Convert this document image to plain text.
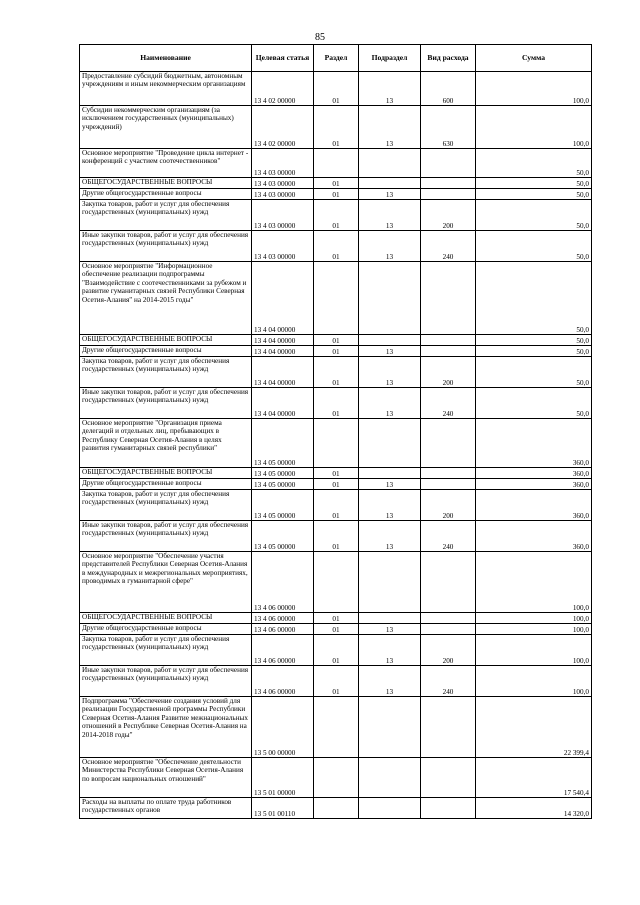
85
Наименование	Целевая статья	Раздел	Подраздел	Вид расхода	Сумма
Предоставление субсидий бюджетным, автономным учреждениям и иным некоммерческим организациям	13 4 02 00000	01	13	600	100,0
Субсидии некоммерческим организациям (за исключением государственных (муниципальных) учреждений)	13 4 02 00000	01	13	630	100,0
Основное мероприятие "Проведение цикла интернет - конференций с участием соотечественников"	13 4 03 00000				50,0
ОБЩЕГОСУДАРСТВЕННЫЕ ВОПРОСЫ	13 4 03 00000	01			50,0
Другие общегосударственные вопросы	13 4 03 00000	01	13		50,0
Закупка товаров, работ и услуг для обеспечения государственных (муниципальных) нужд	13 4 03 00000	01	13	200	50,0
Иные закупки товаров, работ и услуг для обеспечения государственных (муниципальных) нужд	13 4 03 00000	01	13	240	50,0
Основное мероприятие "Информационное обеспечение реализации подпрограммы "Взаимодействие с соотечественниками за рубежом и развитие гуманитарных связей Республики Северная Осетия-Алания" на 2014-2015 годы"	13 4 04 00000				50,0
ОБЩЕГОСУДАРСТВЕННЫЕ ВОПРОСЫ	13 4 04 00000	01			50,0
Другие общегосударственные вопросы	13 4 04 00000	01	13		50,0
Закупка товаров, работ и услуг для обеспечения государственных (муниципальных) нужд	13 4 04 00000	01	13	200	50,0
Иные закупки товаров, работ и услуг для обеспечения государственных (муниципальных) нужд	13 4 04 00000	01	13	240	50,0
Основное мероприятие "Организация приема делегаций и отдельных лиц, пребывающих в Республику Северная Осетия-Алания в целях развития гуманитарных связей республики"	13 4 05 00000				360,0
ОБЩЕГОСУДАРСТВЕННЫЕ ВОПРОСЫ	13 4 05 00000	01			360,0
Другие общегосударственные вопросы	13 4 05 00000	01	13		360,0
Закупка товаров, работ и услуг для обеспечения государственных (муниципальных) нужд	13 4 05 00000	01	13	200	360,0
Иные закупки товаров, работ и услуг для обеспечения государственных (муниципальных) нужд	13 4 05 00000	01	13	240	360,0
Основное мероприятие "Обеспечение участия представителей Республики Северная Осетия-Алания в международных и межрегиональных мероприятиях, проводимых в гуманитарной сфере"	13 4 06 00000				100,0
ОБЩЕГОСУДАРСТВЕННЫЕ ВОПРОСЫ	13 4 06 00000	01			100,0
Другие общегосударственные вопросы	13 4 06 00000	01	13		100,0
Закупка товаров, работ и услуг для обеспечения государственных (муниципальных) нужд	13 4 06 00000	01	13	200	100,0
Иные закупки товаров, работ и услуг для обеспечения государственных (муниципальных) нужд	13 4 06 00000	01	13	240	100,0
Подпрограмма "Обеспечение создания условий для реализации Государственной программы Республики Северная Осетия-Алания Развитие межнациональных отношений в Республике Северная Осетия-Алания на 2014-2018 годы"	13 5 00 00000				22 399,4
Основное мероприятие "Обеспечение деятельности Министерства Республики Северная Осетия-Алания по вопросам национальных отношений"	13 5 01 00000				17 540,4
Расходы на выплаты по оплате труда работников государственных органов	13 5 01 00110				14 320,0
